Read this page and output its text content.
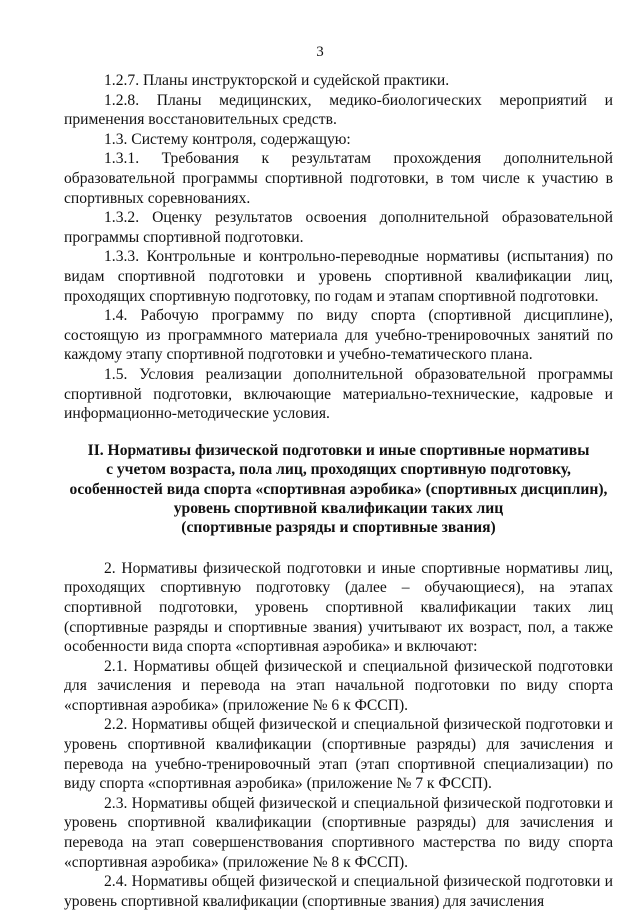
3

1.2.7. Планы инструкторской и судейской практики.

1.2.8. Планы медицинских, медико-биологических мероприятий и применения восстановительных средств.

1.3. Систему контроля, содержащую:

1.3.1. Требования к результатам прохождения дополнительной образовательной программы спортивной подготовки, в том числе к участию в спортивных соревнованиях.

1.3.2. Оценку результатов освоения дополнительной образовательной программы спортивной подготовки.

1.3.3. Контрольные и контрольно-переводные нормативы (испытания) по видам спортивной подготовки и уровень спортивной квалификации лиц, проходящих спортивную подготовку, по годам и этапам спортивной подготовки.

1.4. Рабочую программу по виду спорта (спортивной дисциплине), состоящую из программного материала для учебно-тренировочных занятий по каждому этапу спортивной подготовки и учебно-тематического плана.

1.5. Условия реализации дополнительной образовательной программы спортивной подготовки, включающие материально-технические, кадровые и информационно-методические условия.

II. Нормативы физической подготовки и иные спортивные нормативы
с учетом возраста, пола лиц, проходящих спортивную подготовку,
особенностей вида спорта «спортивная аэробика» (спортивных дисциплин),
уровень спортивной квалификации таких лиц
(спортивные разряды и спортивные звания)

2. Нормативы физической подготовки и иные спортивные нормативы лиц, проходящих спортивную подготовку (далее – обучающиеся), на этапах спортивной подготовки, уровень спортивной квалификации таких лиц (спортивные разряды и спортивные звания) учитывают их возраст, пол, а также особенности вида спорта «спортивная аэробика» и включают:

2.1. Нормативы общей физической и специальной физической подготовки для зачисления и перевода на этап начальной подготовки по виду спорта «спортивная аэробика» (приложение № 6 к ФССП).

2.2. Нормативы общей физической и специальной физической подготовки и уровень спортивной квалификации (спортивные разряды) для зачисления и перевода на учебно-тренировочный этап (этап спортивной специализации) по виду спорта «спортивная аэробика» (приложение № 7 к ФССП).

2.3. Нормативы общей физической и специальной физической подготовки и уровень спортивной квалификации (спортивные разряды) для зачисления и перевода на этап совершенствования спортивного мастерства по виду спорта «спортивная аэробика» (приложение № 8 к ФССП).

2.4. Нормативы общей физической и специальной физической подготовки и уровень спортивной квалификации (спортивные звания) для зачисления
